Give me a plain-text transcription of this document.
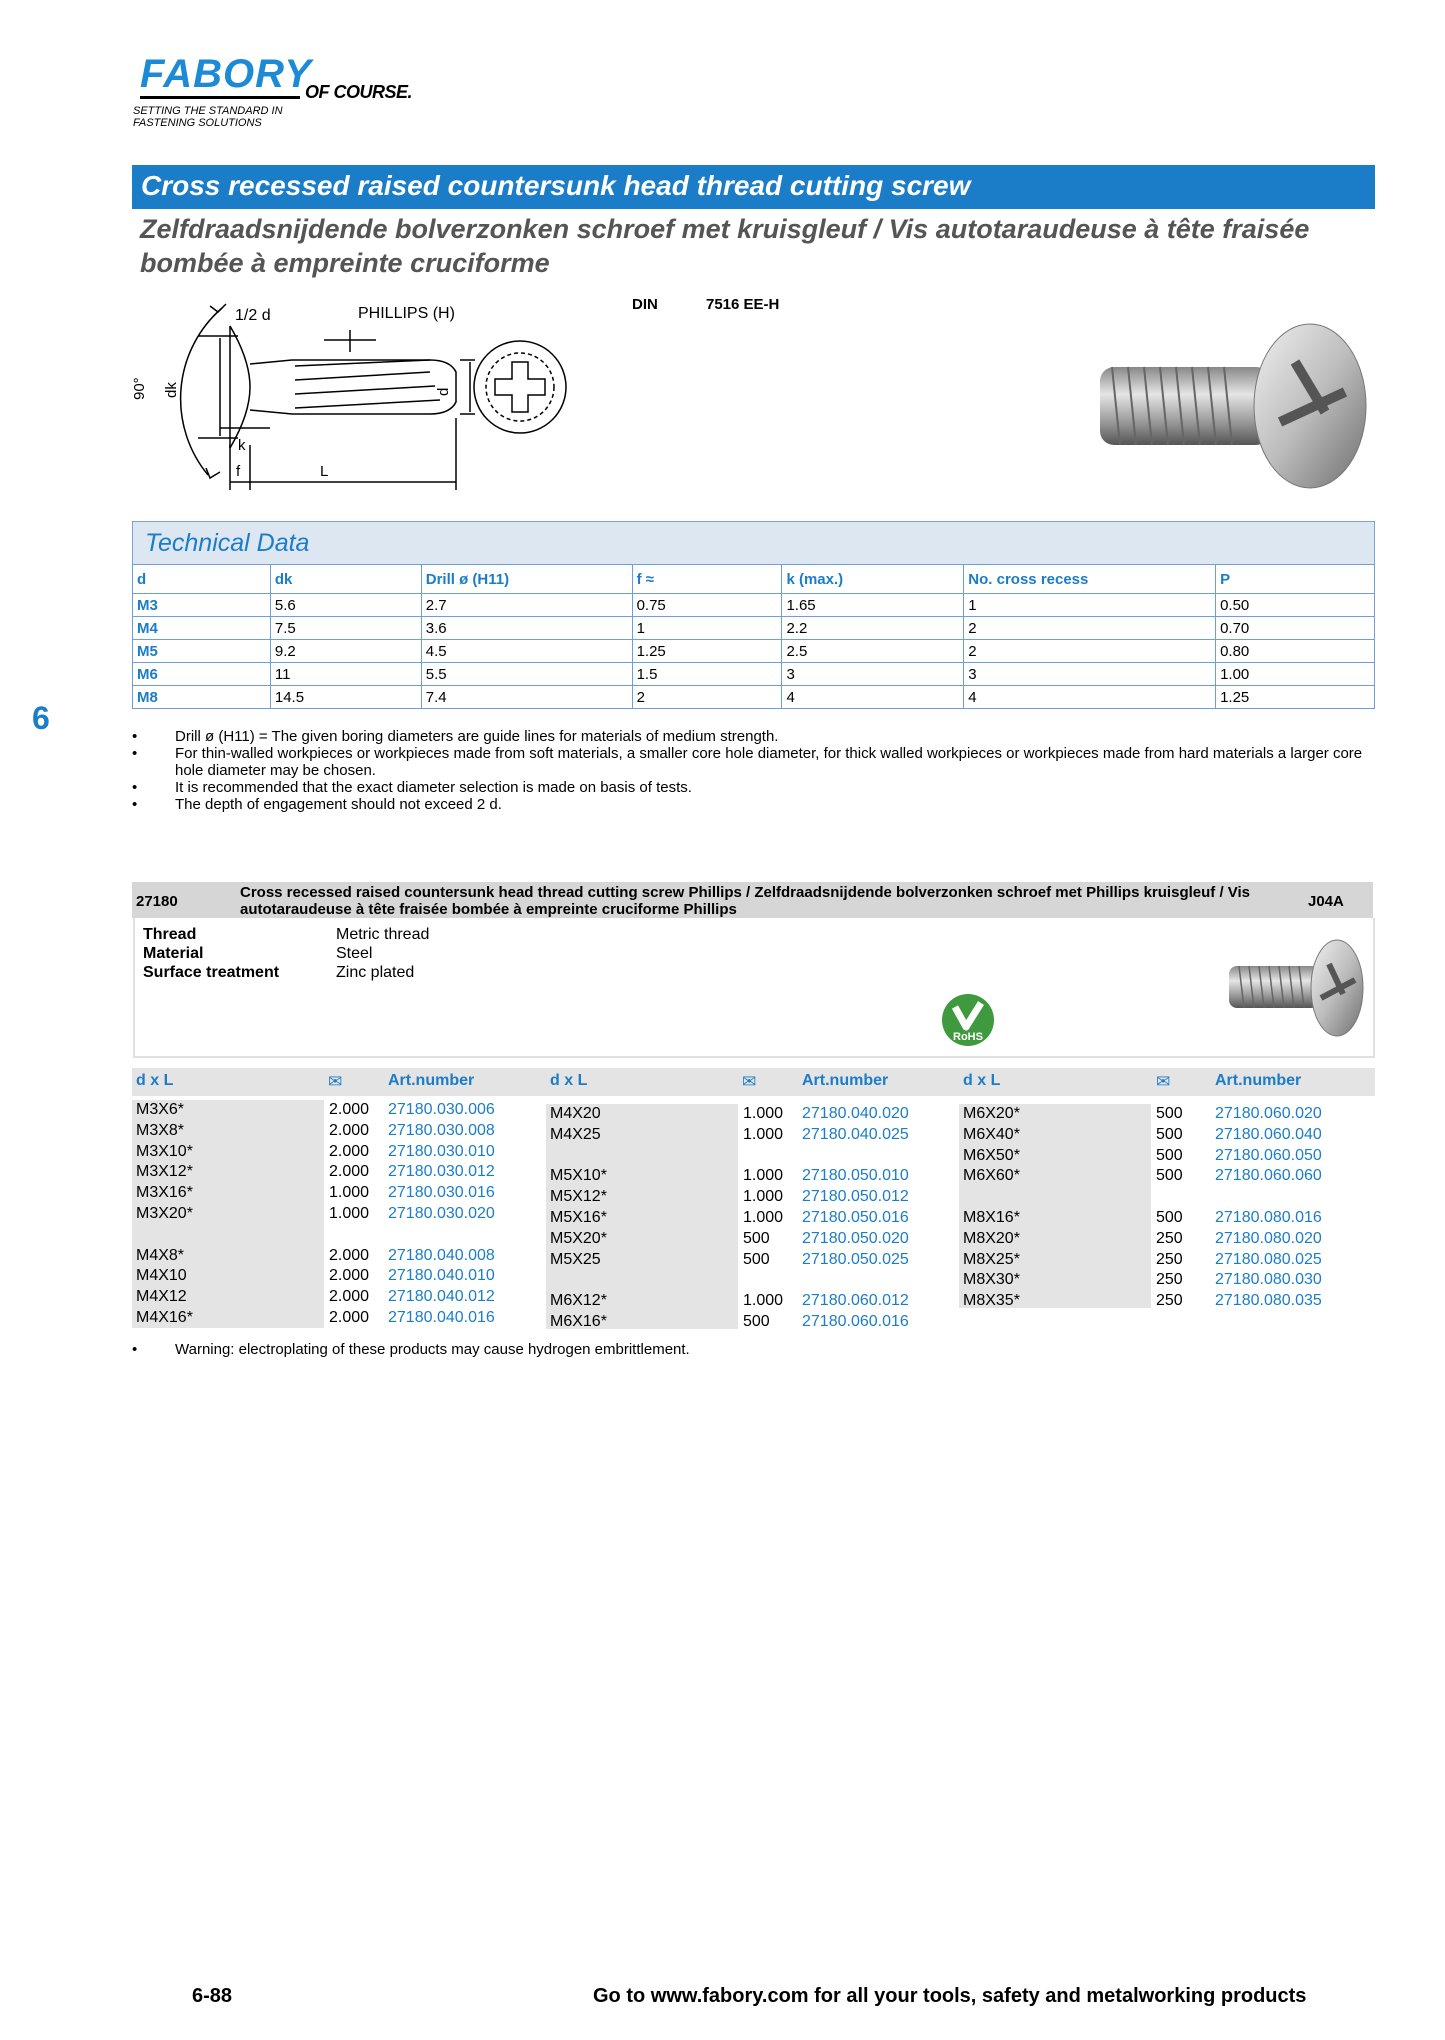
FABORY
OF COURSE.
SETTING THE STANDARD IN FASTENING SOLUTIONS
Cross recessed raised countersunk head thread cutting screw
Zelfdraadsnijdende bolverzonken schroef met kruisgleuf / Vis autotaraudeuse à tête fraisée bombée à empreinte cruciforme
DIN	7516 EE-H
1/2 d	PHILLIPS (H)
90° dk	d
k
f	L
Technical Data
d	dk	Drill ø (H11)	f ≈	k (max.)	No. cross recess	P
M3	5.6	2.7	0.75	1.65	1	0.50
M4	7.5	3.6	1	2.2	2	0.70
M5	9.2	4.5	1.25	2.5	2	0.80
M6	11	5.5	1.5	3	3	1.00
M8	14.5	7.4	2	4	4	1.25
6
•	Drill ø (H11) = The given boring diameters are guide lines for materials of medium strength.
•	For thin-walled workpieces or workpieces made from soft materials, a smaller core hole diameter, for thick walled workpieces or workpieces made from hard materials a larger core hole diameter may be chosen.
•	It is recommended that the exact diameter selection is made on basis of tests.
•	The depth of engagement should not exceed 2 d.
27180
Cross recessed raised countersunk head thread cutting screw Phillips / Zelfdraadsnijdende bolverzonken schroef met Phillips kruisgleuf / Vis autotaraudeuse à tête fraisée bombée à empreinte cruciforme Phillips	J04A
Thread	Metric thread
Material	Steel
Surface treatment	Zinc plated
RoHS
d x L	✉	Art.number	d x L	✉	Art.number	d x L	✉	Art.number
M3X6*	2.000 27180.030.006
M3X8*	2.000 27180.030.008
M3X10*	2.000 27180.030.010
M3X12*	2.000 27180.030.012
M3X16*	1.000 27180.030.016
M3X20*	1.000 27180.030.020
M4X8*	2.000 27180.040.008
M4X10	2.000 27180.040.010
M4X12	2.000 27180.040.012
M4X16*	2.000 27180.040.016
M4X20	1.000 27180.040.020
M4X25	1.000 27180.040.025
M5X10*	1.000 27180.050.010
M5X12*	1.000 27180.050.012
M5X16*	1.000 27180.050.016
M5X20*	500 27180.050.020
M5X25	500 27180.050.025
M6X12*	1.000 27180.060.012
M6X16*	500 27180.060.016
M6X20*	500 27180.060.020
M6X40*	500 27180.060.040
M6X50*	500 27180.060.050
M6X60*	500 27180.060.060
M8X16*	500 27180.080.016
M8X20*	250 27180.080.020
M8X25*	250 27180.080.025
M8X30*	250 27180.080.030
M8X35*	250 27180.080.035
•	Warning: electroplating of these products may cause hydrogen embrittlement.
6-88	Go to www.fabory.com for all your tools, safety and metalworking products
